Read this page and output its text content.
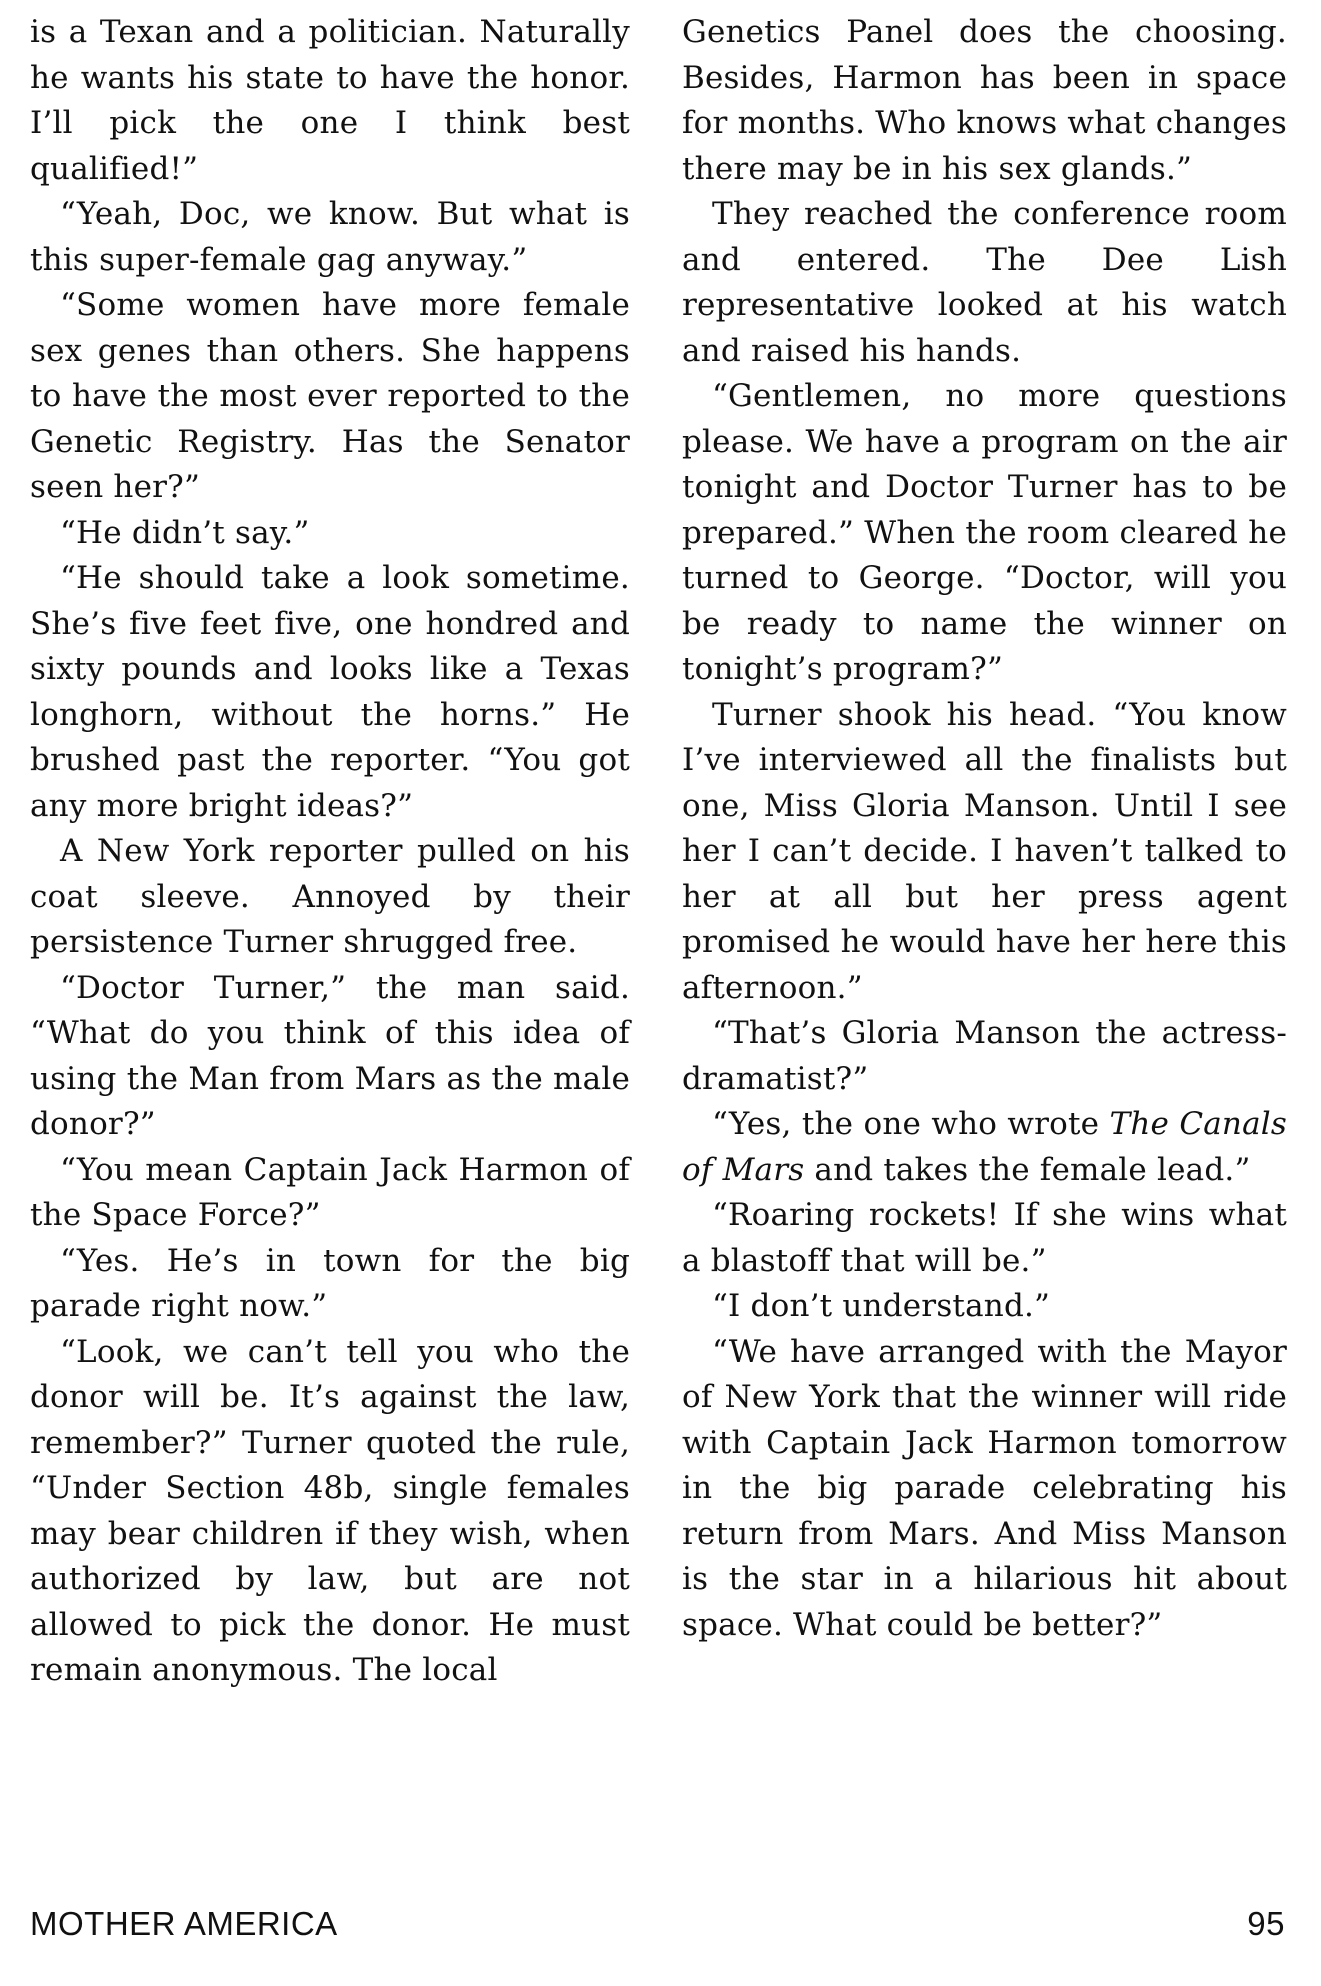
is a Texan and a politician. Naturally he wants his state to have the honor. I’ll pick the one I think best qualified!”

“Yeah, Doc, we know. But what is this super-female gag anyway.”

“Some women have more female sex genes than others. She happens to have the most ever reported to the Genetic Registry. Has the Senator seen her?”

“He didn’t say.”

“He should take a look sometime. She’s five feet five, one hondred and sixty pounds and looks like a Texas longhorn, without the horns.” He brushed past the reporter. “You got any more bright ideas?”

A New York reporter pulled on his coat sleeve. Annoyed by their persistence Turner shrugged free.

“Doctor Turner,” the man said. “What do you think of this idea of using the Man from Mars as the male donor?”

“You mean Captain Jack Harmon of the Space Force?”

“Yes. He’s in town for the big parade right now.”

“Look, we can’t tell you who the donor will be. It’s against the law, remember?” Turner quoted the rule, “Under Section 48b, single females may bear children if they wish, when authorized by law, but are not allowed to pick the donor. He must remain anonymous. The local

Genetics Panel does the choosing. Besides, Harmon has been in space for months. Who knows what changes there may be in his sex glands.”

They reached the conference room and entered. The Dee Lish representative looked at his watch and raised his hands.

“Gentlemen, no more questions please. We have a program on the air tonight and Doctor Turner has to be prepared.” When the room cleared he turned to George. “Doctor, will you be ready to name the winner on tonight’s program?”

Turner shook his head. “You know I’ve interviewed all the finalists but one, Miss Gloria Manson. Until I see her I can’t decide. I haven’t talked to her at all but her press agent promised he would have her here this afternoon.”

“That’s Gloria Manson the actress-dramatist?”

“Yes, the one who wrote The Canals of Mars and takes the female lead.”

“Roaring rockets! If she wins what a blastoff that will be.”

“I don’t understand.”

“We have arranged with the Mayor of New York that the winner will ride with Captain Jack Harmon tomorrow in the big parade celebrating his return from Mars. And Miss Manson is the star in a hilarious hit about space. What could be better?”

MOTHER AMERICA	95
